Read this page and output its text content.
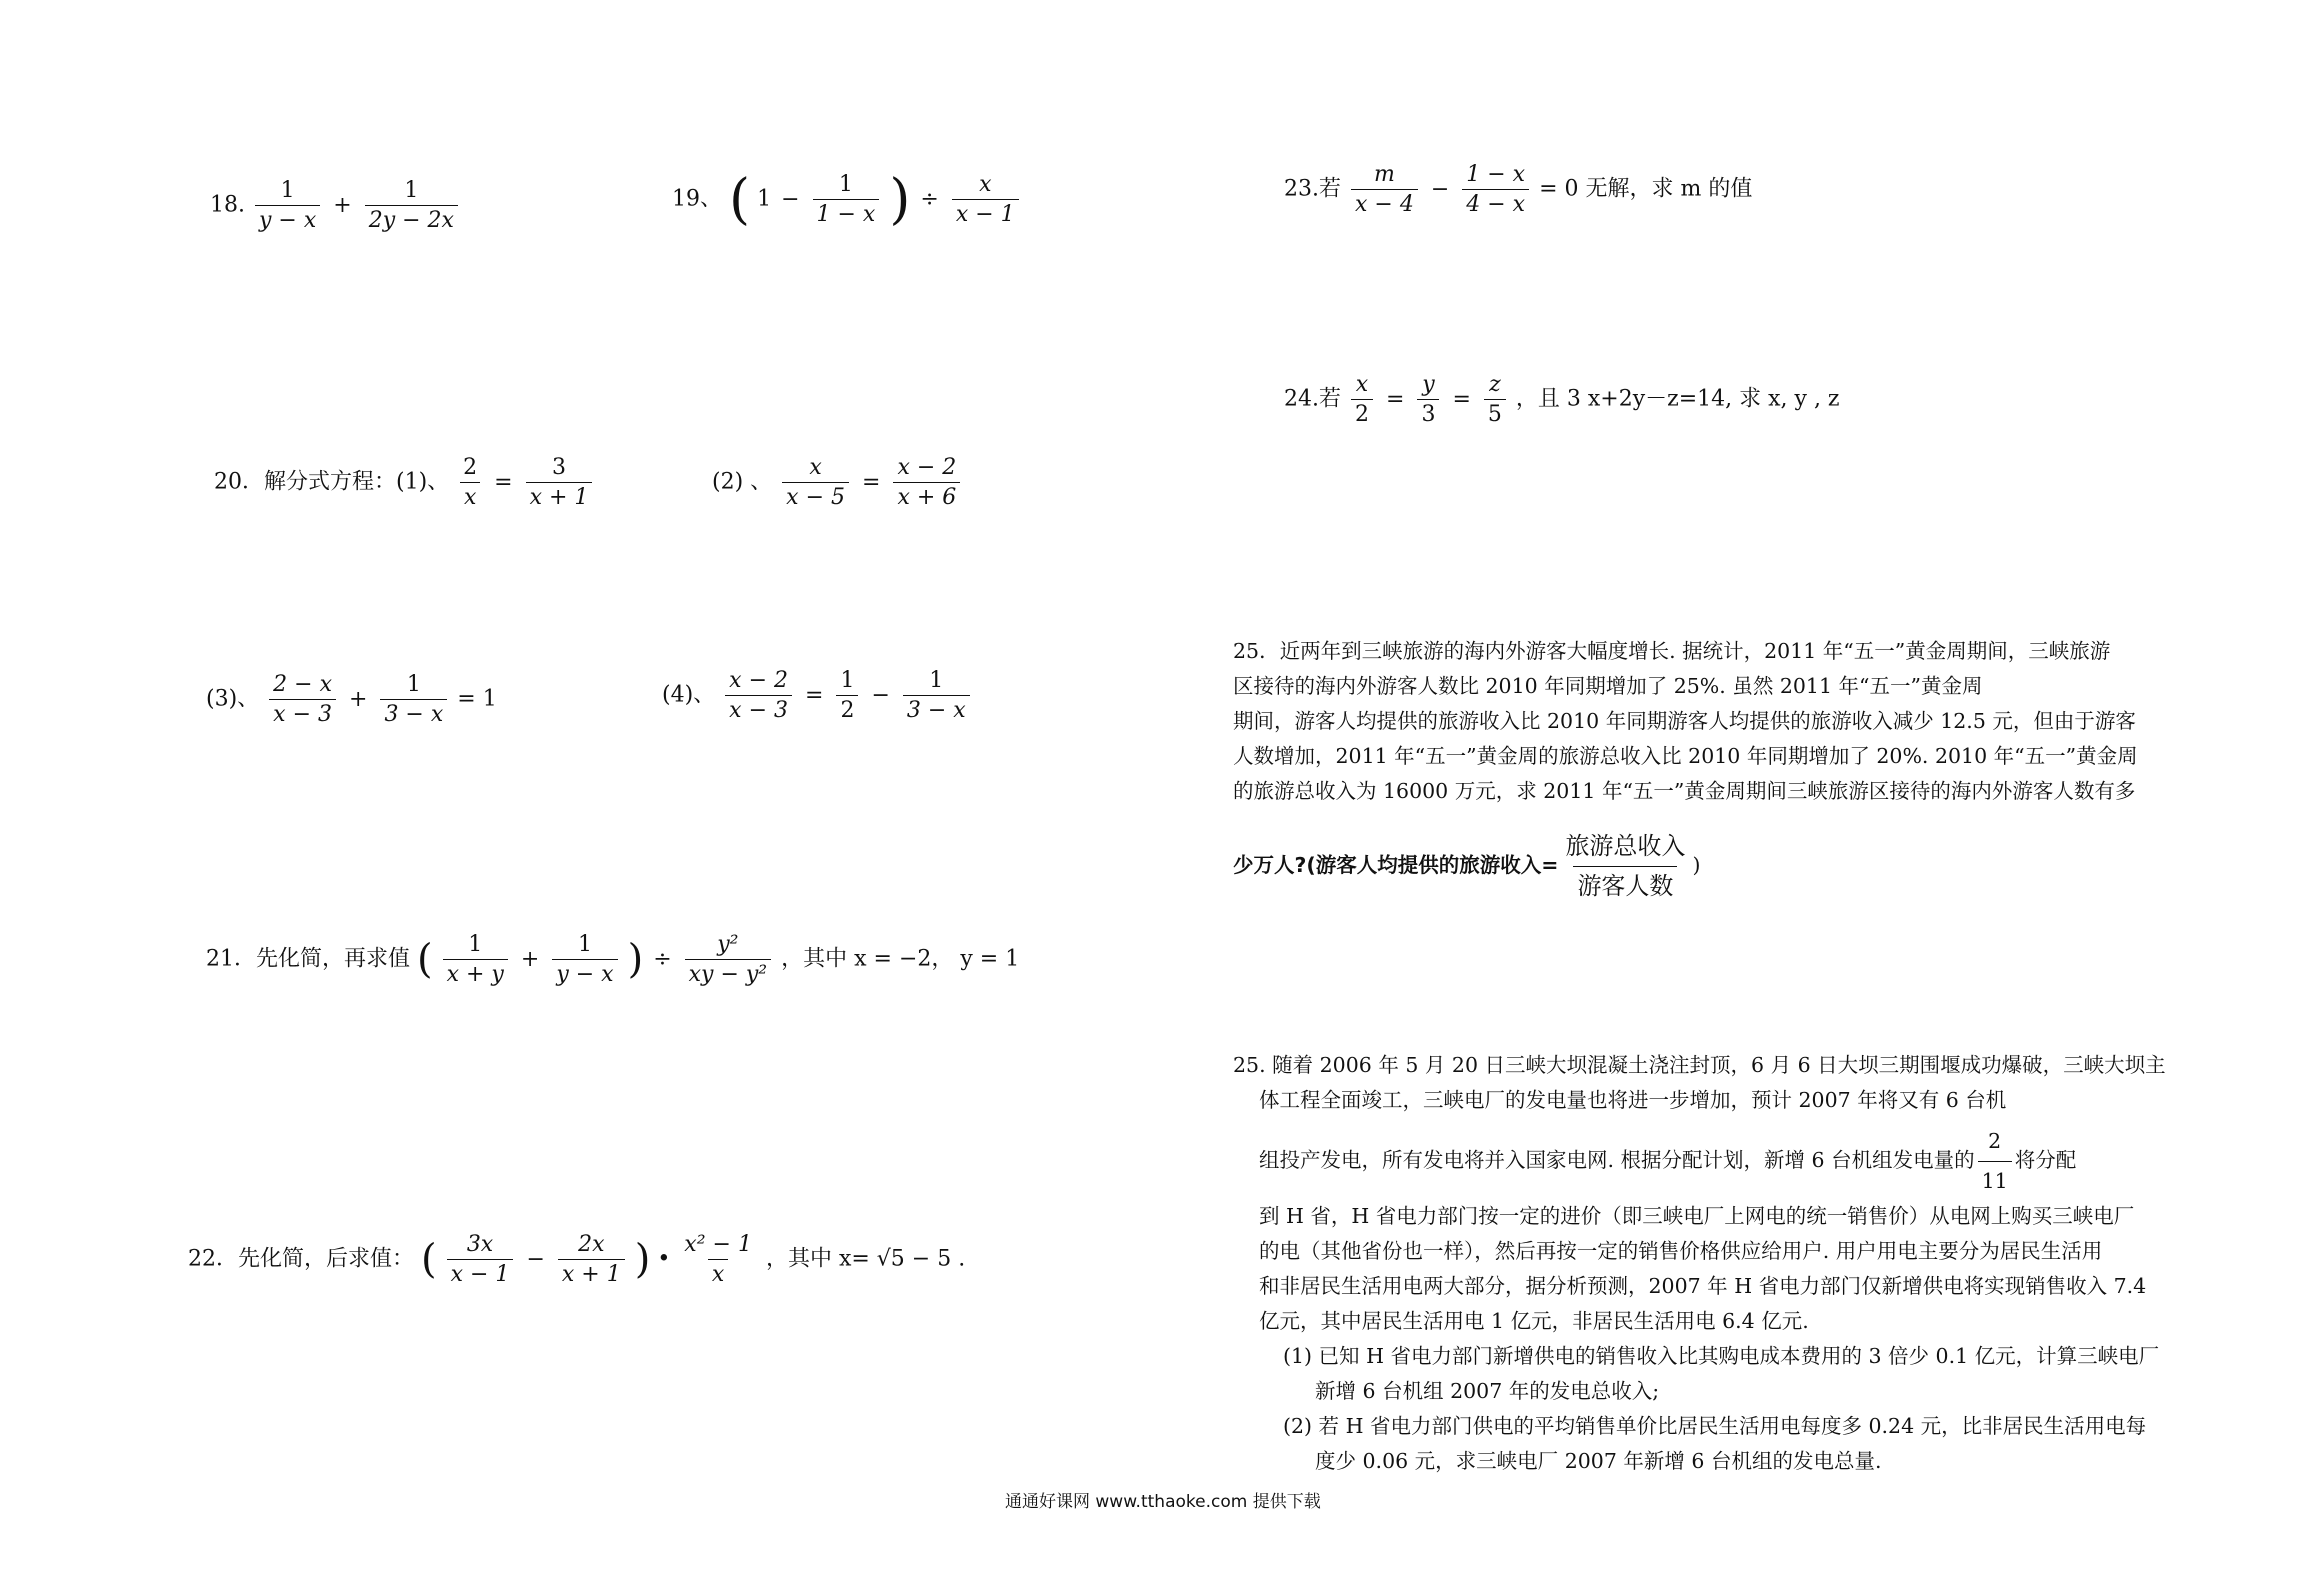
18. $\frac{1}{y - x} + \frac{1}{2y - 2x}$	19、 ( $1 - \frac{1}{1 - x}$ ) ÷ $\frac{x}{x - 1}$
20．解分式方程：(1)、 $\frac{2}{x} = \frac{3}{x + 1}$	(2) 、 $\frac{x}{x - 5} = \frac{x - 2}{x + 6}$
(3)、 $\frac{2 - x}{x - 3} + \frac{1}{3 - x} = 1$	(4)、 $\frac{x - 2}{x - 3} = \frac{1}{2} - \frac{1}{3 - x}$
21．先化简，再求值 ( $\frac{1}{x + y} + \frac{1}{y - x}$ ) ÷ $\frac{\text{y²}}{\text{xy − y²}}$ ，其中 x = −2， y = 1
22．先化简，后求值： ( $\frac{3x}{x - 1} - \frac{2x}{x + 1}$ ) • $\frac{\text{x² − 1}}{x}$ ，其中 x= √5 − 5 .
23.若 $\frac{m}{x - 4} - \frac{1 - x}{4 - x} = 0$ 无解，求 m 的值
24.若 $\frac{x}{2} = \frac{y}{3} = \frac{z}{5}$ ，且 3 x+2y－z=14, 求 x, y , z

25．近两年到三峡旅游的海内外游客大幅度增长. 据统计，2011 年“五一”黄金周期间，三峡旅游

区接待的海内外游客人数比 2010 年同期增加了 25%. 虽然 2011 年“五一”黄金周

期间，游客人均提供的旅游收入比 2010 年同期游客人均提供的旅游收入减少 12.5 元，但由于游客

人数增加，2011 年“五一”黄金周的旅游总收入比 2010 年同期增加了 20%. 2010 年“五一”黄金周

的旅游总收入为 16000 万元，求 2011 年“五一”黄金周期间三峡旅游区接待的海内外游客人数有多

少万人?(游客人均提供的旅游收入= $\frac{\text{旅游总收入}}{\text{游客人数}}$ )

25. 随着 2006 年 5 月 20 日三峡大坝混凝土浇注封顶，6 月 6 日大坝三期围堰成功爆破，三峡大坝主

体工程全面竣工，三峡电厂的发电量也将进一步增加，预计 2007 年将又有 6 台机

组投产发电，所有发电将并入国家电网. 根据分配计划，新增 6 台机组发电量的 $\frac{2}{11}$ 将分配

到 H 省，H 省电力部门按一定的进价（即三峡电厂上网电的统一销售价）从电网上购买三峡电厂

的电（其他省份也一样），然后再按一定的销售价格供应给用户. 用户用电主要分为居民生活用

和非居民生活用电两大部分，据分析预测，2007 年 H 省电力部门仅新增供电将实现销售收入 7.4

亿元，其中居民生活用电 1 亿元，非居民生活用电 6.4 亿元.

(1) 已知 H 省电力部门新增供电的销售收入比其购电成本费用的 3 倍少 0.1 亿元，计算三峡电厂

新增 6 台机组 2007 年的发电总收入;

(2) 若 H 省电力部门供电的平均销售单价比居民生活用电每度多 0.24 元，比非居民生活用电每

度少 0.06 元，求三峡电厂 2007 年新增 6 台机组的发电总量.

通通好课网 www.tthaoke.com 提供下载
